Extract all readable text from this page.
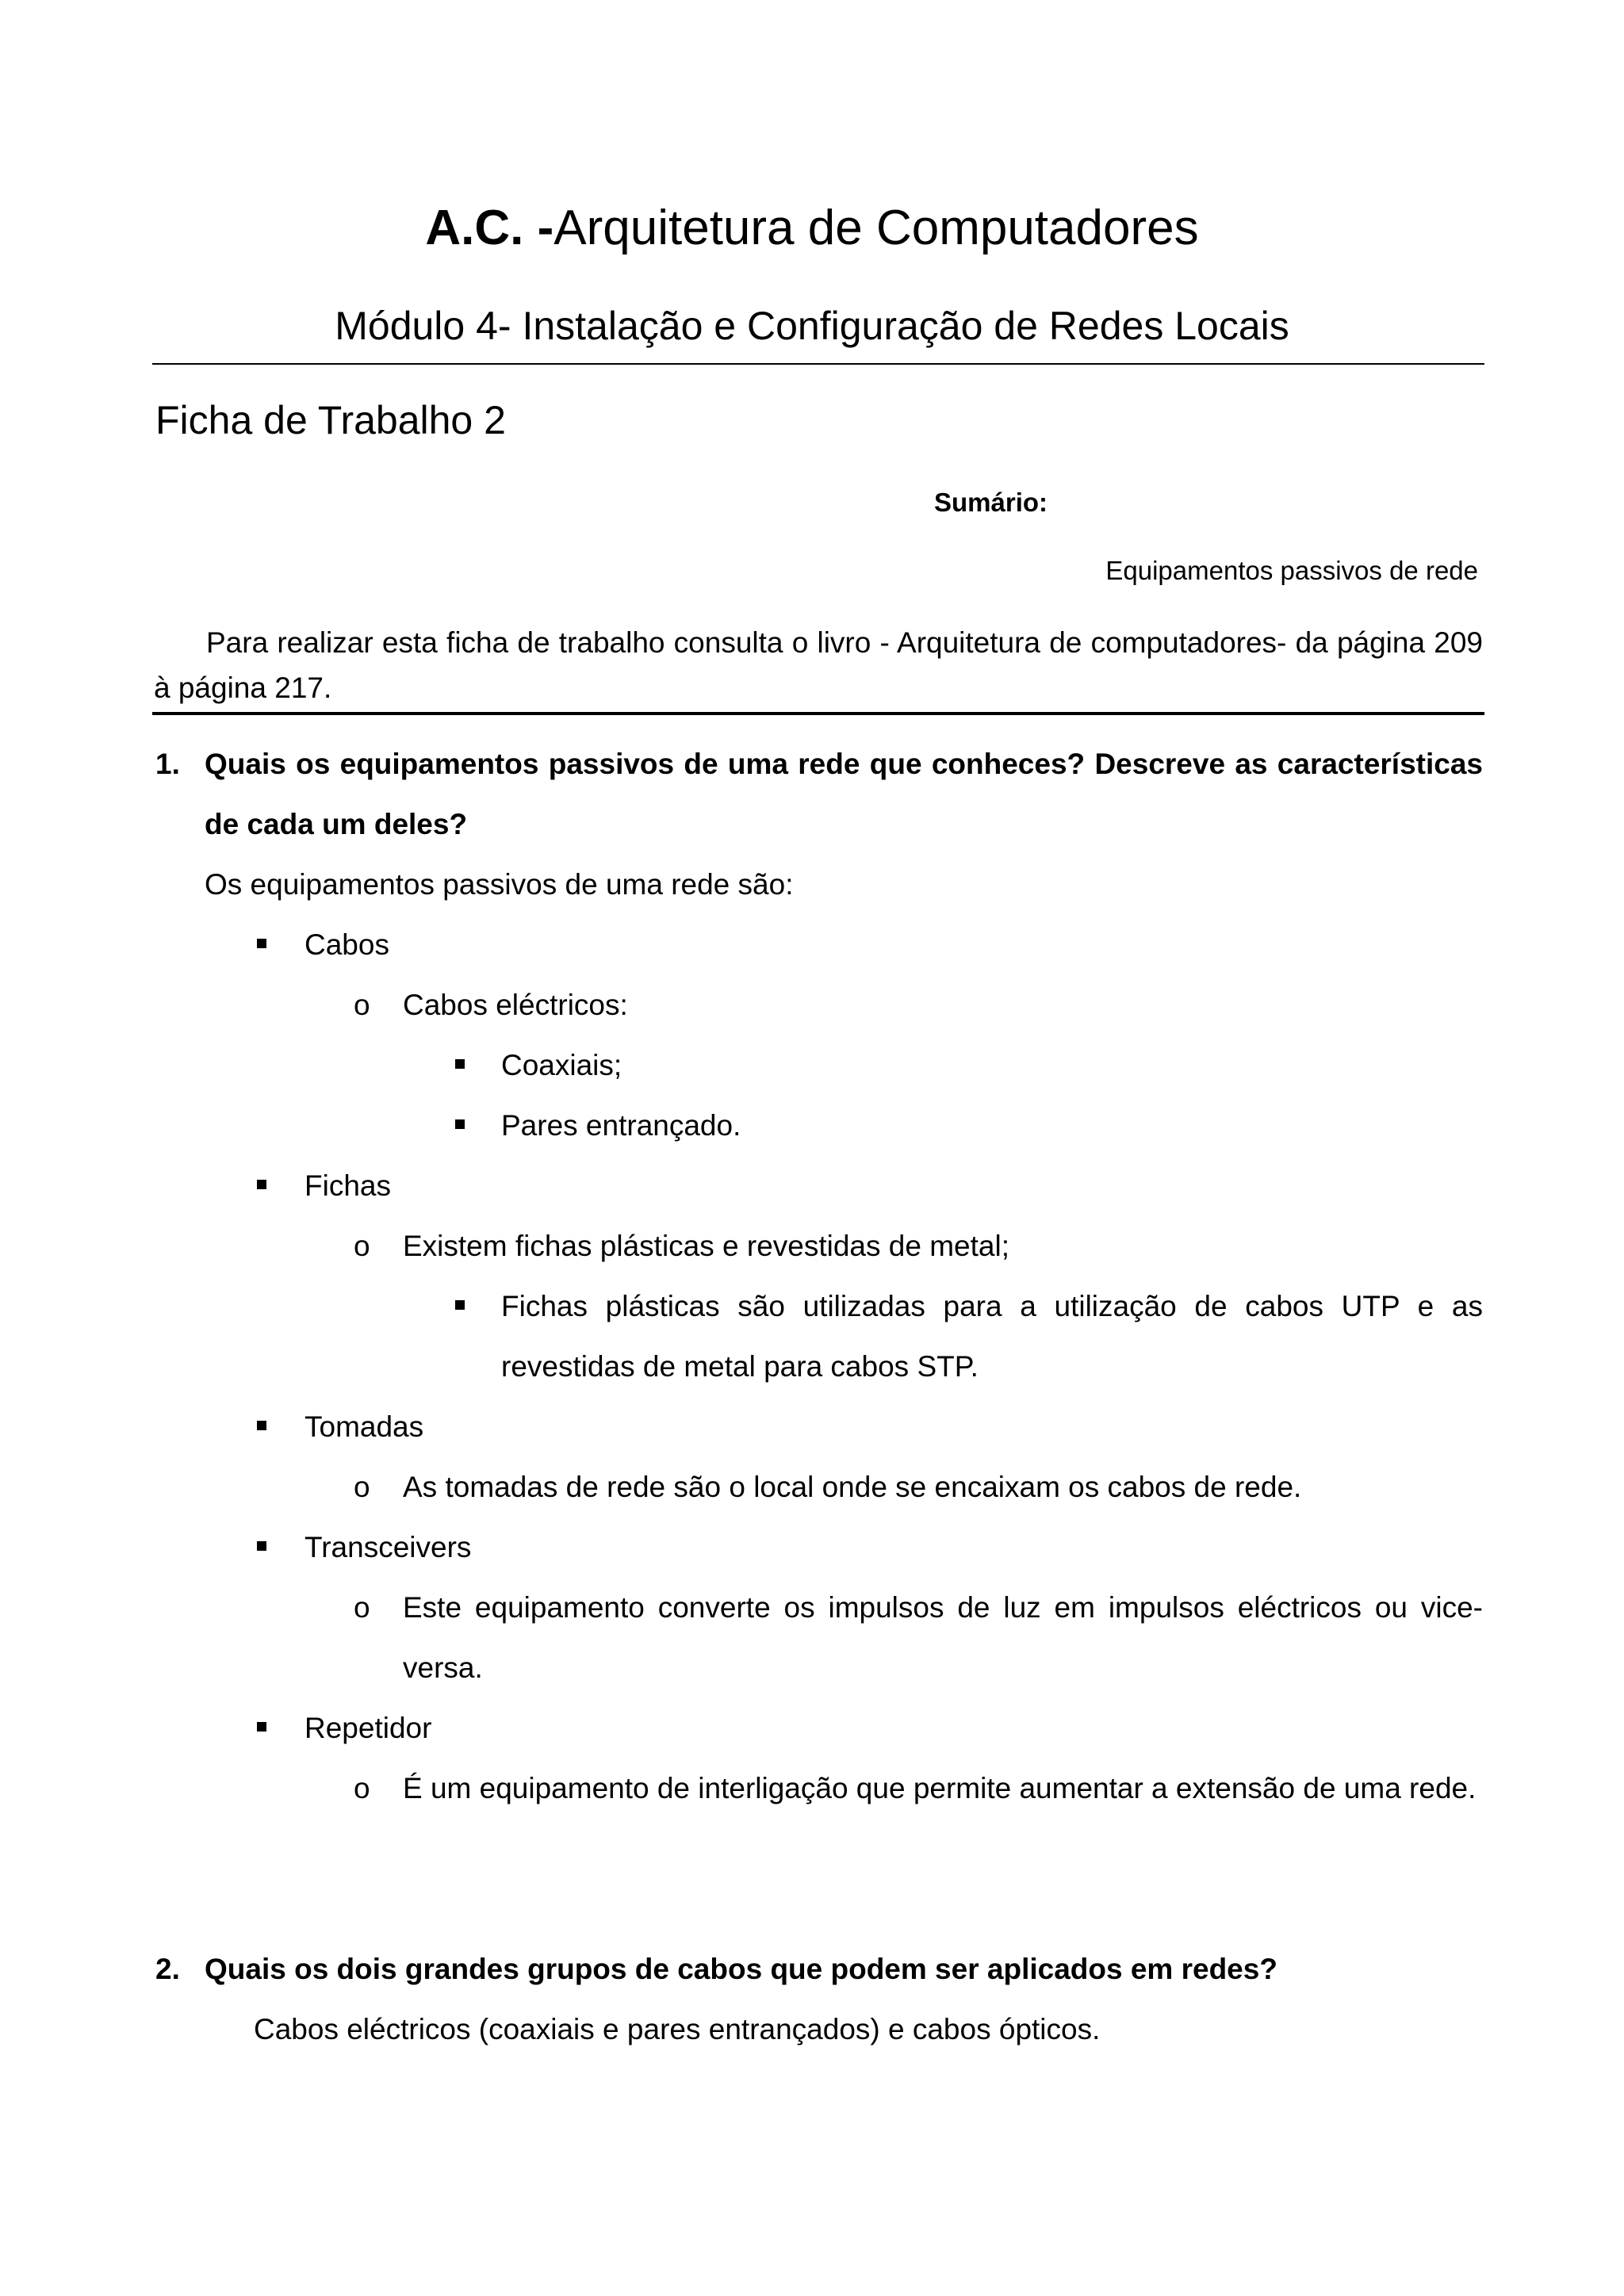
A.C. -Arquitetura de Computadores
Módulo 4- Instalação e Configuração de Redes Locais
Ficha de Trabalho 2
Sumário:
Equipamentos passivos de rede
Para realizar esta ficha de trabalho consulta o livro - Arquitetura de computadores- da página 209 à página 217.
1. Quais os equipamentos passivos de uma rede que conheces? Descreve as características de cada um deles?
Os equipamentos passivos de uma rede são:
Cabos
o Cabos eléctricos:
Coaxiais;
Pares entrançado.
Fichas
o Existem fichas plásticas e revestidas de metal;
Fichas plásticas são utilizadas para a utilização de cabos UTP e as revestidas de metal para cabos STP.
Tomadas
o As tomadas de rede são o local onde se encaixam os cabos de rede.
Transceivers
o Este equipamento converte os impulsos de luz em impulsos eléctricos ou vice-versa.
Repetidor
o É um equipamento de interligação que permite aumentar a extensão de uma rede.
2. Quais os dois grandes grupos de cabos que podem ser aplicados em redes?
Cabos eléctricos (coaxiais e pares entrançados) e cabos ópticos.
